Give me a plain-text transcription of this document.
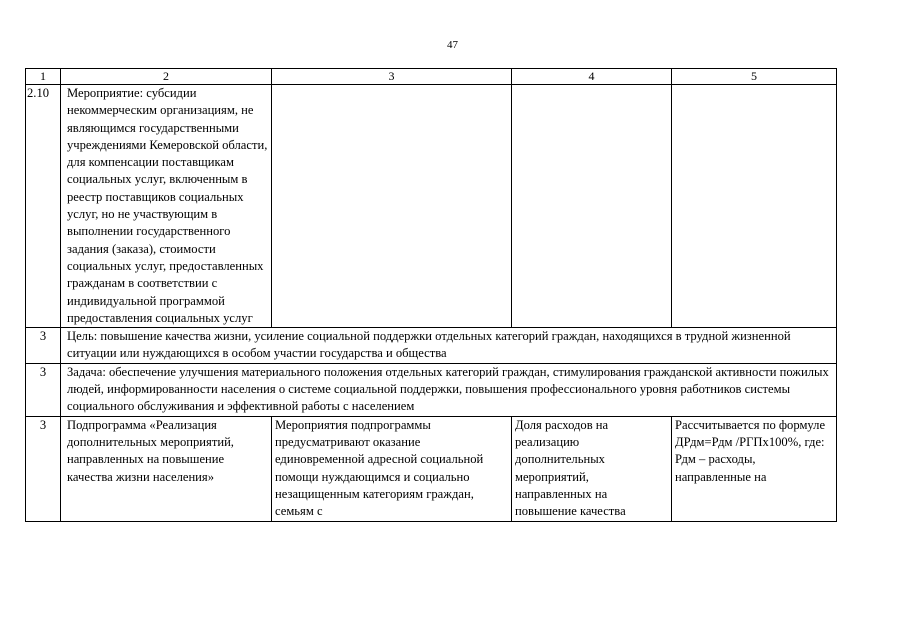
47
1	2	3	4	5
2.10	Мероприятие: субсидии некоммерческим организациям, не являющимся государственными учреждениями Кемеровской области, для компенсации поставщикам социальных услуг, включенным в реестр поставщиков социальных услуг, но не участвующим в выполнении государственного задания (заказа), стоимости социальных услуг, предоставленных гражданам в соответствии с индивидуальной программой предоставления социальных услуг			
3	Цель: повышение качества жизни, усиление социальной поддержки отдельных категорий граждан, находящихся в трудной жизненной ситуации или нуждающихся в особом участии государства и общества			
3	Задача: обеспечение улучшения материального положения отдельных категорий граждан, стимулирования гражданской активности пожилых людей, информированности населения о системе социальной поддержки, повышения профессионального уровня работников системы социального обслуживания и эффективной работы с населением			
3	Подпрограмма «Реализация дополнительных мероприятий, направленных на повышение качества жизни населения»	Мероприятия подпрограммы предусматривают оказание единовременной адресной социальной помощи нуждающимся и социально незащищенным категориям граждан, семьям с	Доля расходов на реализацию дополнительных мероприятий, направленных на повышение качества	Рассчитывается по формуле ДРдм=Рдм /РГПх100%, где: Рдм – расходы, направленные на
